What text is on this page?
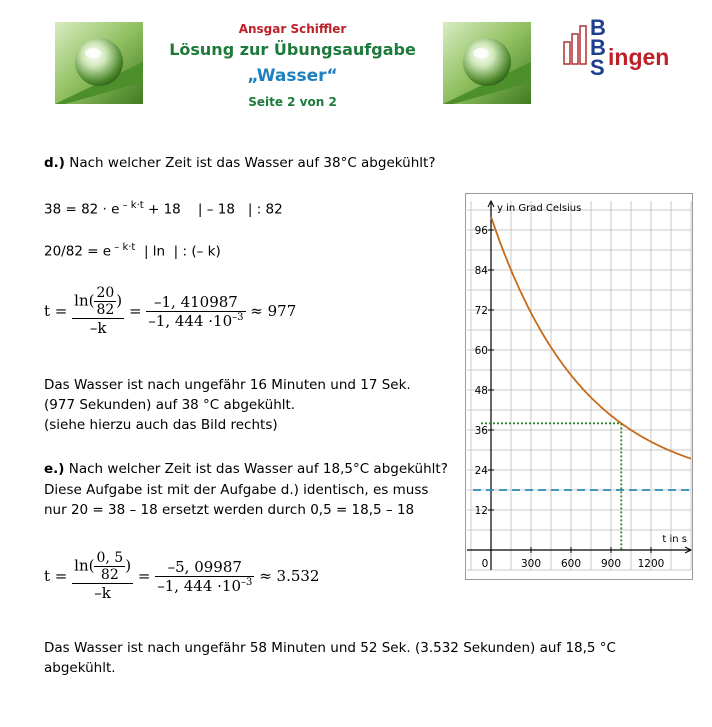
Ansgar Schiffler
Lösung zur Übungsaufgabe
„Wasser“
Seite 2 von 2
B
B
S ingen
d.) Nach welcher Zeit ist das Wasser auf 38°C abgekühlt?
38 = 82 · e $^{- k\cdot t}$ + 18    | – 18   | : 82
20/82 = e $^{- k\cdot t}$  | ln  | : (– k)
$t = \frac{\ln( \frac{20}{82} )}{-k} = \frac{-1, 410987}{-1, 444 \cdot 10^{-3}} \approx 977$
Das Wasser ist nach ungefähr 16 Minuten und 17 Sek.
(977 Sekunden) auf 38 °C abgekühlt.
(siehe hierzu auch das Bild rechts)
e.) Nach welcher Zeit ist das Wasser auf 18,5°C abgekühlt?
Diese Aufgabe ist mit der Aufgabe d.) identisch, es muss
nur 20 = 38 – 18 ersetzt werden durch 0,5 = 18,5 – 18
$t = \frac{\ln( \frac{0, 5}{82} )}{-k} = \frac{-5, 09987}{-1, 444 \cdot 10^{-3}} \approx 3.532$
Das Wasser ist nach ungefähr 58 Minuten und 52 Sek. (3.532 Sekunden) auf 18,5 °C
abgekühlt.
12
24
36
48
60
72
84
96
0	300 600 900 1200
y in Grad Celsius
t in s
